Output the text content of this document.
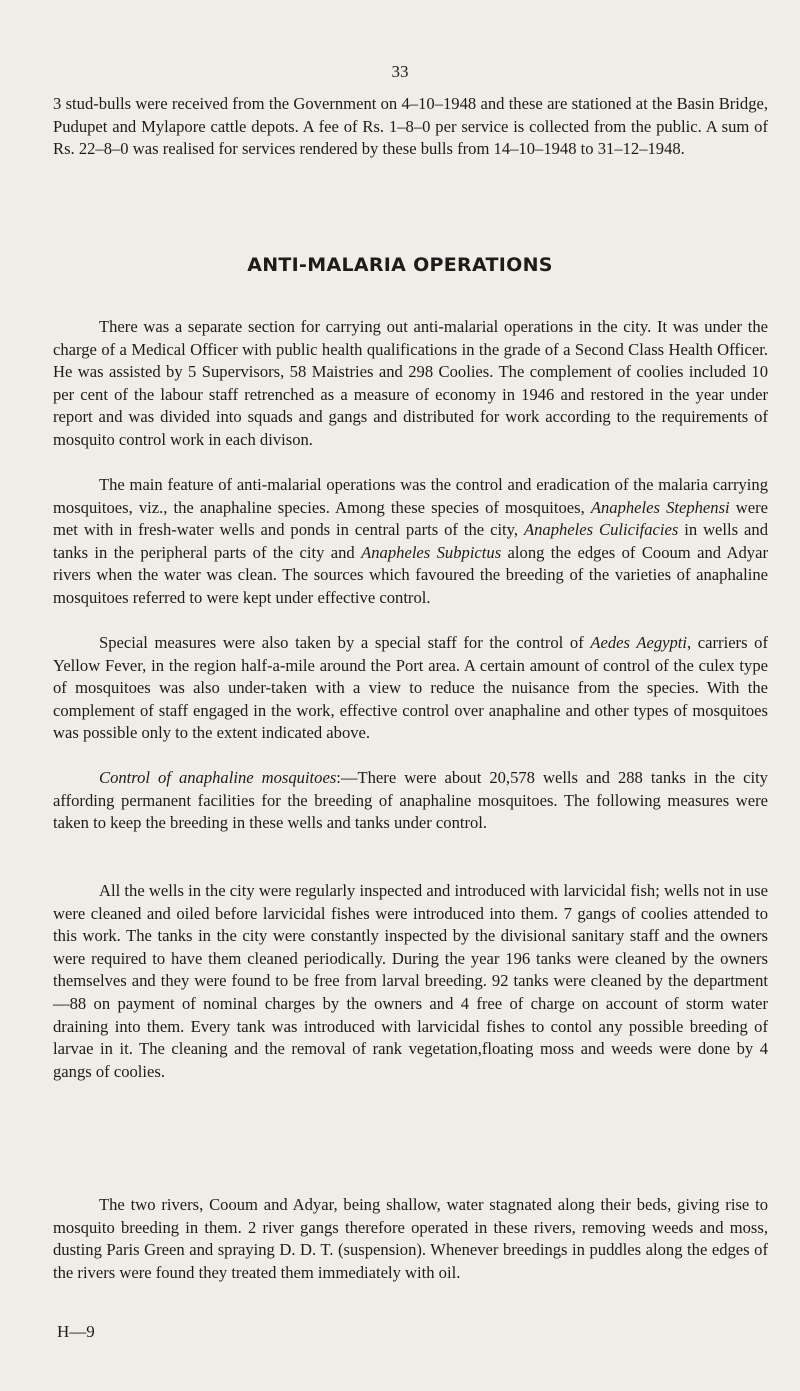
33
3 stud-bulls were received from the Government on 4–10–1948 and these are stationed at the Basin Bridge, Pudupet and Mylapore cattle depots. A fee of Rs. 1–8–0 per service is collected from the public. A sum of Rs. 22–8–0 was realised for services rendered by these bulls from 14–10–1948 to 31–12–1948.
ANTI-MALARIA OPERATIONS
There was a separate section for carrying out anti-malarial operations in the city. It was under the charge of a Medical Officer with public health qualifications in the grade of a Second Class Health Officer. He was assisted by 5 Supervisors, 58 Maistries and 298 Coolies. The complement of coolies included 10 per cent of the labour staff retrenched as a measure of economy in 1946 and restored in the year under report and was divided into squads and gangs and distributed for work according to the requirements of mosquito control work in each divison.
The main feature of anti-malarial operations was the control and eradication of the malaria carrying mosquitoes, viz., the anaphaline species. Among these species of mosquitoes, Anapheles Stephensi were met with in fresh-water wells and ponds in central parts of the city, Anapheles Culicifacies in wells and tanks in the peripheral parts of the city and Anapheles Subpictus along the edges of Cooum and Adyar rivers when the water was clean. The sources which favoured the breeding of the varieties of anaphaline mosquitoes referred to were kept under effective control.
Special measures were also taken by a special staff for the control of Aedes Aegypti, carriers of Yellow Fever, in the region half-a-mile around the Port area. A certain amount of control of the culex type of mosquitoes was also under-taken with a view to reduce the nuisance from the species. With the complement of staff engaged in the work, effective control over anaphaline and other types of mosquitoes was possible only to the extent indicated above.
Control of anaphaline mosquitoes:—There were about 20,578 wells and 288 tanks in the city affording permanent facilities for the breeding of anaphaline mosquitoes. The following measures were taken to keep the breeding in these wells and tanks under control.
All the wells in the city were regularly inspected and introduced with larvicidal fish; wells not in use were cleaned and oiled before larvicidal fishes were introduced into them. 7 gangs of coolies attended to this work. The tanks in the city were constantly inspected by the divisional sanitary staff and the owners were required to have them cleaned periodically. During the year 196 tanks were cleaned by the owners themselves and they were found to be free from larval breeding. 92 tanks were cleaned by the department—88 on payment of nominal charges by the owners and 4 free of charge on account of storm water draining into them. Every tank was introduced with larvicidal fishes to contol any possible breeding of larvae in it. The cleaning and the removal of rank vegetation,floating moss and weeds were done by 4 gangs of coolies.
The two rivers, Cooum and Adyar, being shallow, water stagnated along their beds, giving rise to mosquito breeding in them. 2 river gangs therefore operated in these rivers, removing weeds and moss, dusting Paris Green and spraying D. D. T. (suspension). Whenever breedings in puddles along the edges of the rivers were found they treated them immediately with oil.
H—9
